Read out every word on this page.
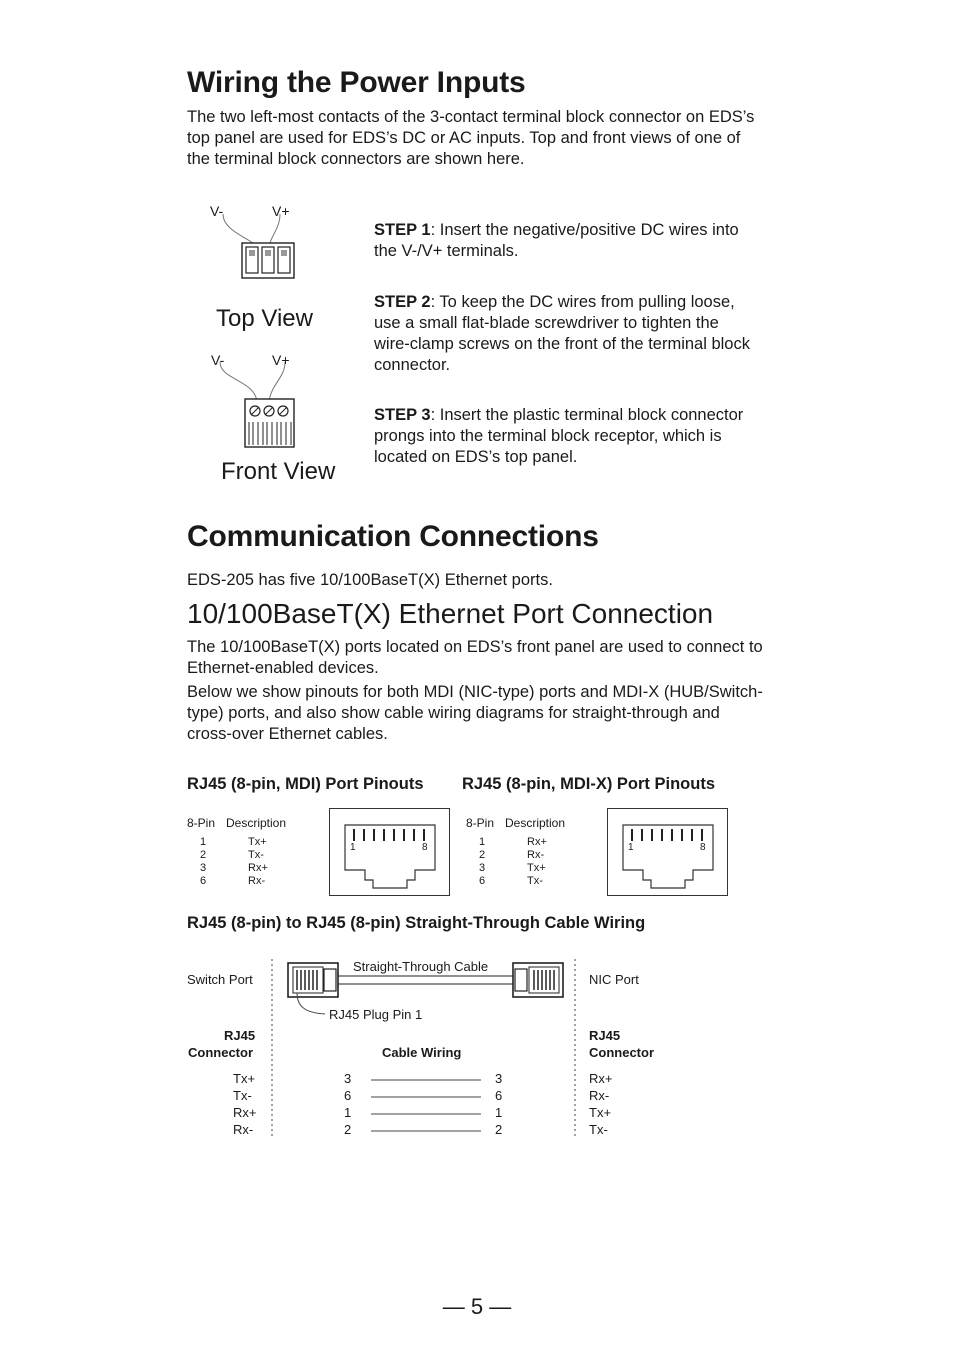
Wiring the Power Inputs
The two left-most contacts of the 3-contact terminal block connector on EDS’s top panel are used for EDS’s DC or AC inputs. Top and front views of one of the terminal block connectors are shown here.
V-	V+
Top View
V-	V+
Front View
STEP 1: Insert the negative/positive DC wires into the V-/V+ terminals.
STEP 2: To keep the DC wires from pulling loose, use a small flat-blade screwdriver to tighten the wire-clamp screws on the front of the terminal block connector.
STEP 3: Insert the plastic terminal block connector prongs into the terminal block receptor, which is located on EDS’s top panel.
Communication Connections
EDS-205 has five 10/100BaseT(X) Ethernet ports.
10/100BaseT(X) Ethernet Port Connection
The 10/100BaseT(X) ports located on EDS’s front panel are used to connect to Ethernet-enabled devices.
Below we show pinouts for both MDI (NIC-type) ports and MDI-X (HUB/Switch-type) ports, and also show cable wiring diagrams for straight-through and cross-over Ethernet cables.
RJ45 (8-pin, MDI) Port Pinouts RJ45 (8-pin, MDI-X) Port Pinouts
8-Pin	Description
1	Tx+
2	Tx-
3	Rx+
6	Rx-
1	8
8-Pin	Description
1	Rx+
2	Rx-
3	Tx+
6	Tx-
1	8
RJ45 (8-pin) to RJ45 (8-pin) Straight-Through Cable Wiring
Switch Port	NIC Port
Straight-Through Cable
RJ45 Plug Pin 1
RJ45
Connector
RJ45
Connector
Cable Wiring
Tx+	3	3	Rx+
Tx-	6	6	Rx-
Rx+	1	1	Tx+
Rx-	2	2	Tx-
— 5 —
